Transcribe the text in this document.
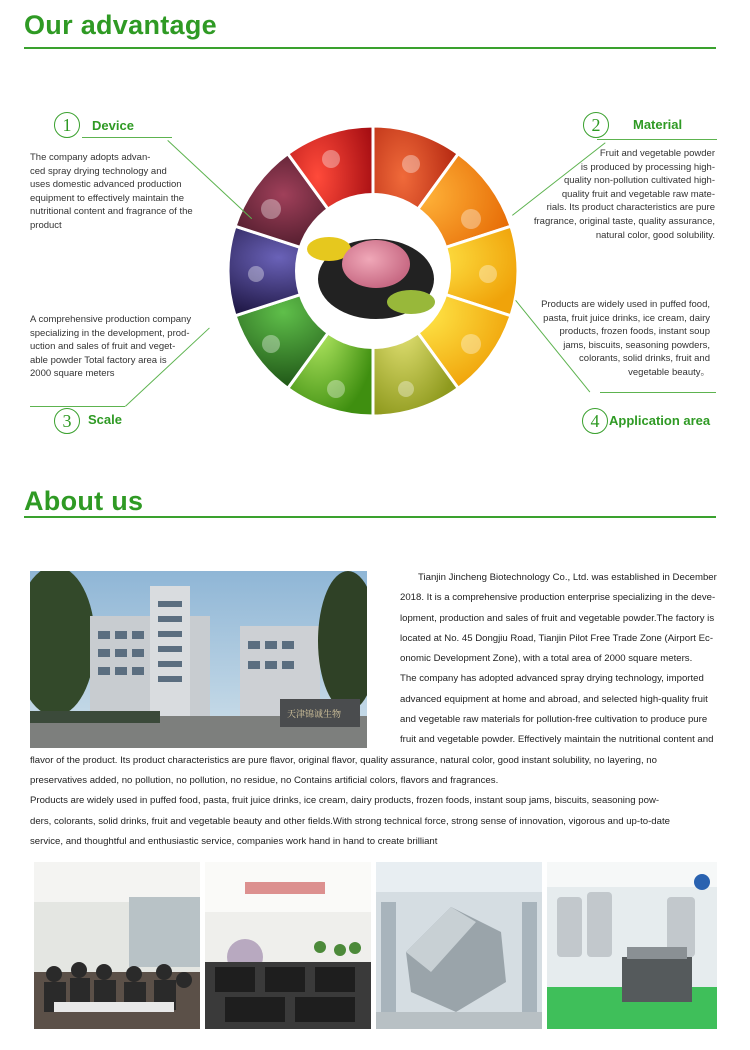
Our advantage
1	Device
The company adopts advan-
ced spray drying technology and
uses domestic advanced production
equipment to effectively maintain the
nutritional content and fragrance of the
product
2	Material
Fruit and vegetable powder
is produced by processing high-
quality non-pollution cultivated high-
quality fruit and vegetable raw mate-
rials. Its product characteristics are pure
fragrance, original taste, quality assurance,
natural color, good solubility.
A comprehensive production company
specializing in the development, prod-
uction and sales of fruit and veget-
able powder Total factory area is
2000 square meters
3	Scale
Products are widely used in puffed food,
pasta, fruit juice drinks, ice cream, dairy
products, frozen foods, instant soup
jams, biscuits, seasoning powders,
colorants, solid drinks, fruit and
vegetable beauty。
4 Application area
About us
天津锦诚生物
Tianjin Jincheng Biotechnology Co., Ltd. was established in December
2018. It is a comprehensive production enterprise specializing in the deve-
lopment, production and sales of fruit and vegetable powder.The factory is
located at No. 45 Dongjiu Road, Tianjin Pilot Free Trade Zone (Airport Ec-
onomic Development Zone), with a total area of 2000 square meters.
The company has adopted advanced spray drying technology, imported
advanced equipment at home and abroad, and selected high-quality fruit
and vegetable raw materials for pollution-free cultivation to produce pure
fruit and vegetable powder. Effectively maintain the nutritional content and
flavor of the product. Its product characteristics are pure flavor, original flavor, quality assurance, natural color, good instant solubility, no layering, no
preservatives added, no pollution, no pollution, no residue, no Contains artificial colors, flavors and fragrances.
Products are widely used in puffed food, pasta, fruit juice drinks, ice cream, dairy products, frozen foods, instant soup jams, biscuits, seasoning pow-
ders, colorants, solid drinks, fruit and vegetable beauty and other fields.With strong technical force, strong sense of innovation, vigorous and up-to-date
service, and thoughtful and enthusiastic service, companies work hand in hand to create brilliant
